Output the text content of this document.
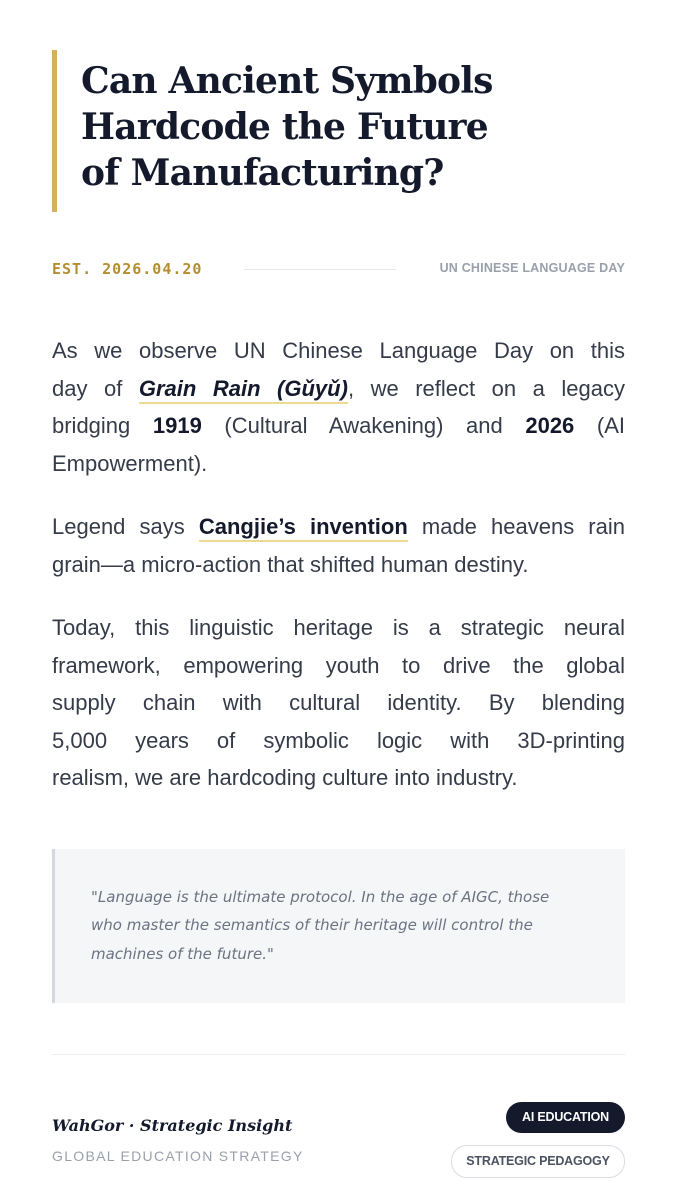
Can Ancient Symbols
Hardcode the Future
of Manufacturing?
EST. 2026.04.20	UN CHINESE LANGUAGE DAY

As we observe UN Chinese Language Day on this
day of Grain Rain (Gǔyǔ), we reflect on a legacy
bridging 1919 (Cultural Awakening) and 2026 (AI
Empowerment).

Legend says Cangjie’s invention made heavens rain
grain—a micro-action that shifted human destiny.

Today, this linguistic heritage is a strategic neural
framework, empowering youth to drive the global
supply chain with cultural identity. By blending
5,000 years of symbolic logic with 3D-printing
realism, we are hardcoding culture into industry.

"Language is the ultimate protocol. In the age of AIGC, those
who master the semantics of their heritage will control the
machines of the future."

WahGor · Strategic Insight
GLOBAL EDUCATION STRATEGY
AI EDUCATION
STRATEGIC PEDAGOGY
